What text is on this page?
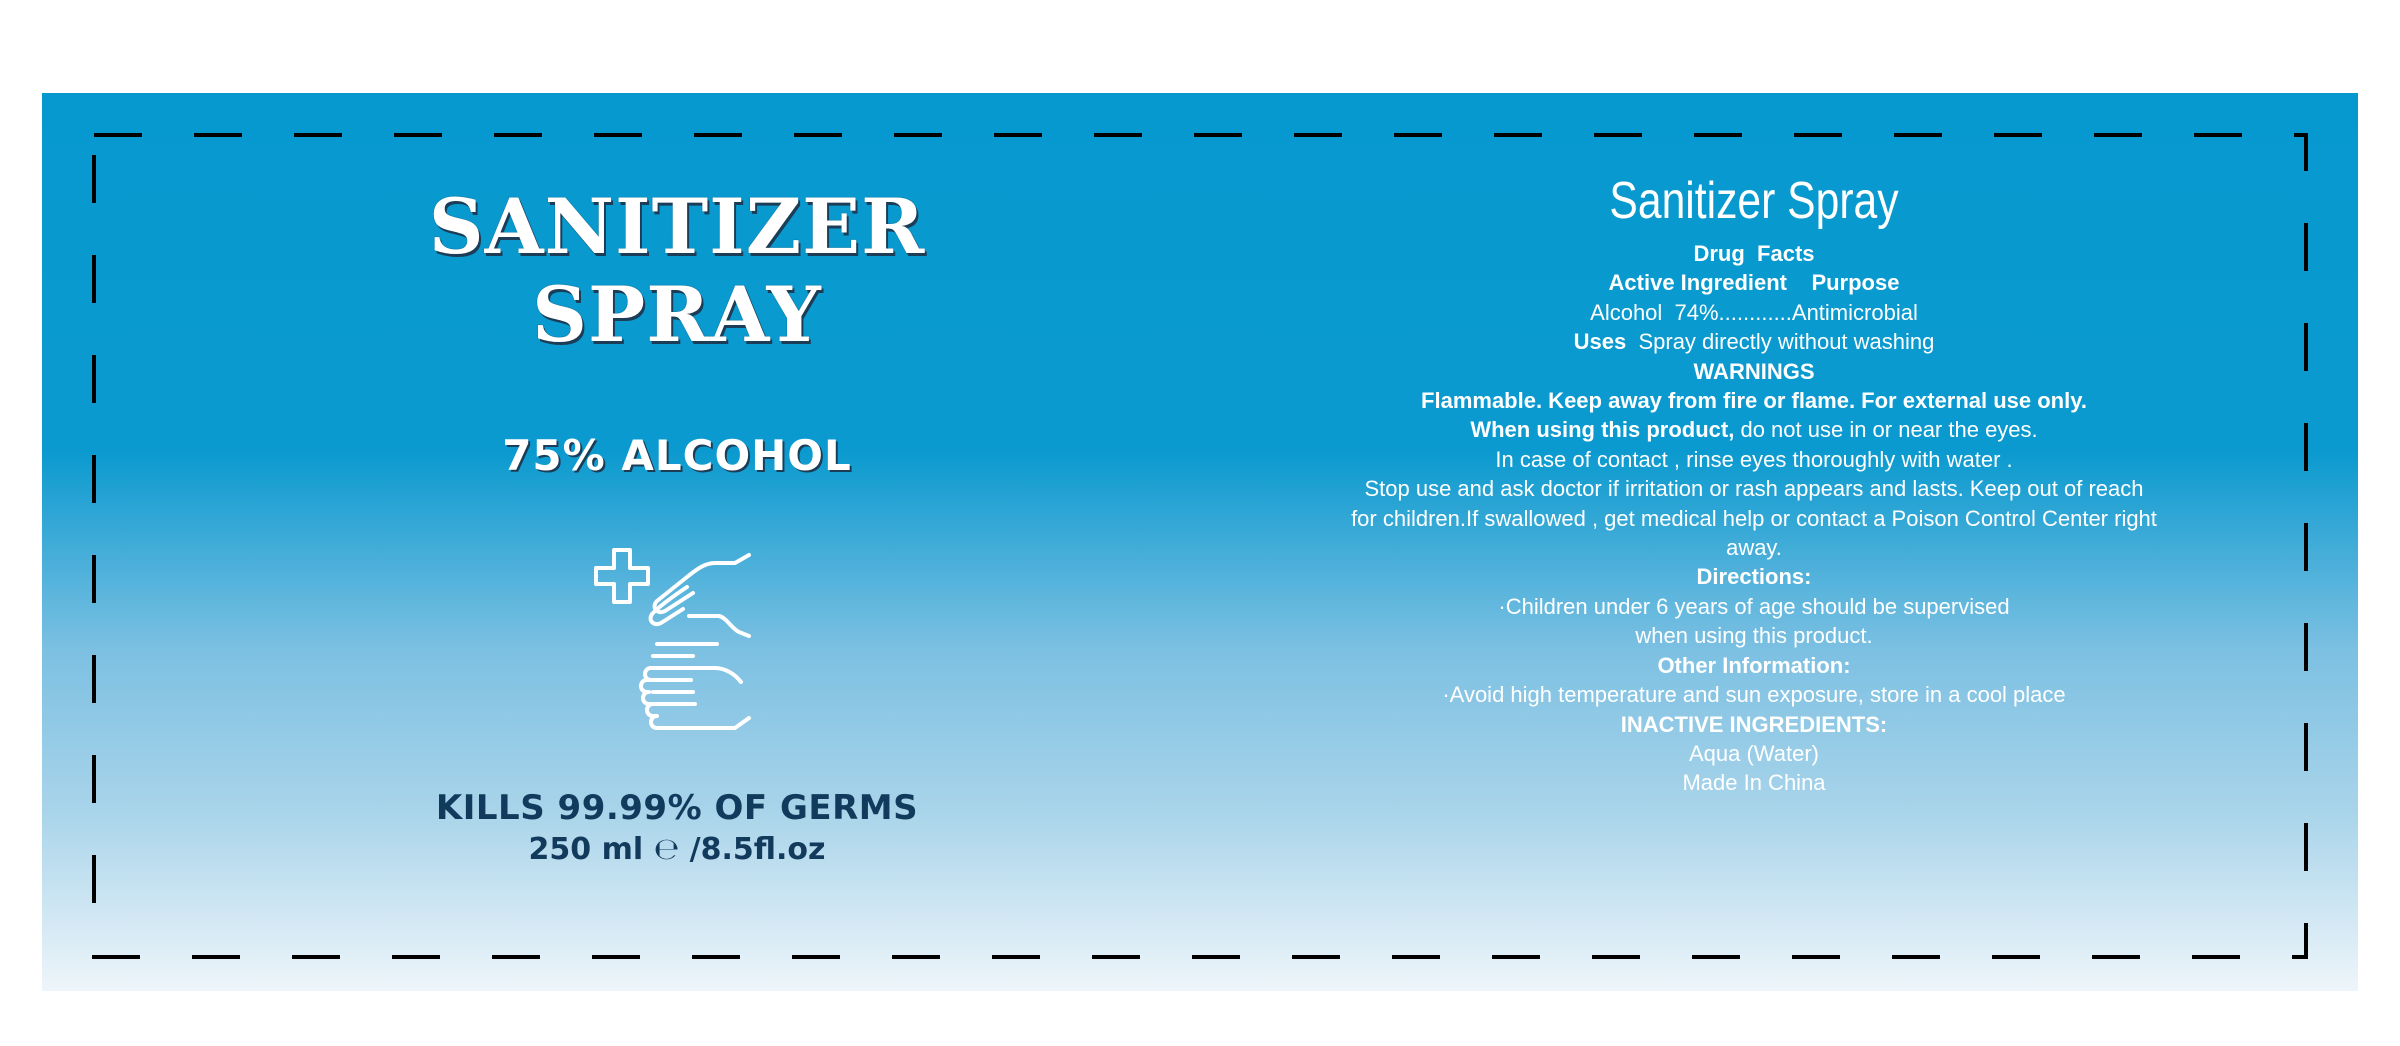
SANITIZER
SPRAY
75% ALCOHOL
KILLS 99.99% OF GERMS
250 ml ℮ /8.5fl.oz
Sanitizer Spray
Drug  Facts
Active Ingredient    Purpose
Alcohol  74%............Antimicrobial
Uses Spray directly without washing
WARNINGS
Flammable. Keep away from fire or flame. For external use only.
When using this product, do not use in or near the eyes.
In case of contact , rinse eyes thoroughly with water .
Stop use and ask doctor if irritation or rash appears and lasts. Keep out of reach for children.If swallowed , get medical help or contact a Poison Control Center right away.
Directions:
·Children under 6 years of age should be supervised when using this product.
Other Information:
·Avoid high temperature and sun exposure, store in a cool place
INACTIVE INGREDIENTS:
Aqua (Water)
Made In China
